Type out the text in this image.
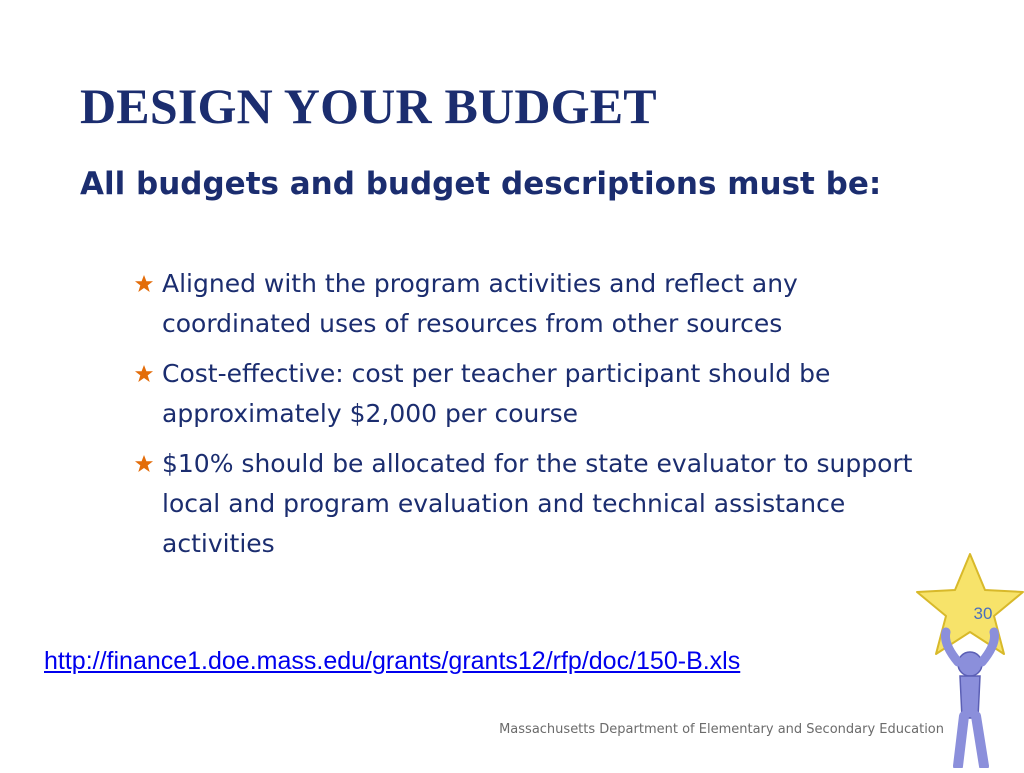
DESIGN YOUR BUDGET

All budgets and budget descriptions must be:

Aligned with the program activities and reflect any coordinated uses of resources from other sources
Cost-effective: cost per teacher participant should be approximately $2,000 per course
$10% should be allocated for the state evaluator to support local and program evaluation and technical assistance activities
http://finance1.doe.mass.edu/grants/grants12/rfp/doc/150-B.xls
30
Massachusetts Department of Elementary and Secondary Education
